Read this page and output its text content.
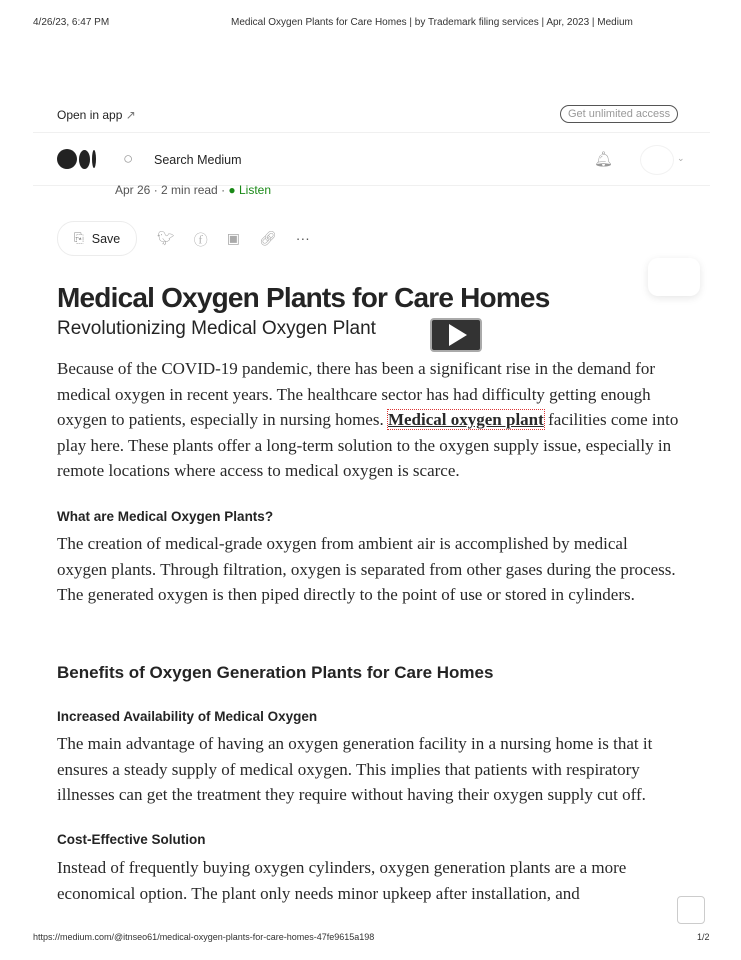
4/26/23, 6:47 PM	Medical Oxygen Plants for Care Homes | by Trademark filing services | Apr, 2023 | Medium
Open in app ↗	Get unlimited access
○ Search Medium	🔔︎	⌄
Apr 26 · 2 min read · ● Listen
⎘ Save	🐦︎ ⓕ ▣ 🔗︎ ···
Medical Oxygen Plants for Care Homes
Revolutionizing Medical Oxygen Plant

Because of the COVID-19 pandemic, there has been a significant rise in the demand for medical oxygen in recent years. The healthcare sector has had difficulty getting enough oxygen to patients, especially in nursing homes. Medical oxygen plant facilities come into play here. These plants offer a long-term solution to the oxygen supply issue, especially in remote locations where access to medical oxygen is scarce.

What are Medical Oxygen Plants?

The creation of medical-grade oxygen from ambient air is accomplished by medical oxygen plants. Through filtration, oxygen is separated from other gases during the process. The generated oxygen is then piped directly to the point of use or stored in cylinders.

Benefits of Oxygen Generation Plants for Care Homes
Increased Availability of Medical Oxygen

The main advantage of having an oxygen generation facility in a nursing home is that it ensures a steady supply of medical oxygen. This implies that patients with respiratory illnesses can get the treatment they require without having their oxygen supply cut off.

Cost-Effective Solution

Instead of frequently buying oxygen cylinders, oxygen generation plants are a more economical option. The plant only needs minor upkeep after installation, and

https://medium.com/@itnseo61/medical-oxygen-plants-for-care-homes-47fe9615a198	1/2
